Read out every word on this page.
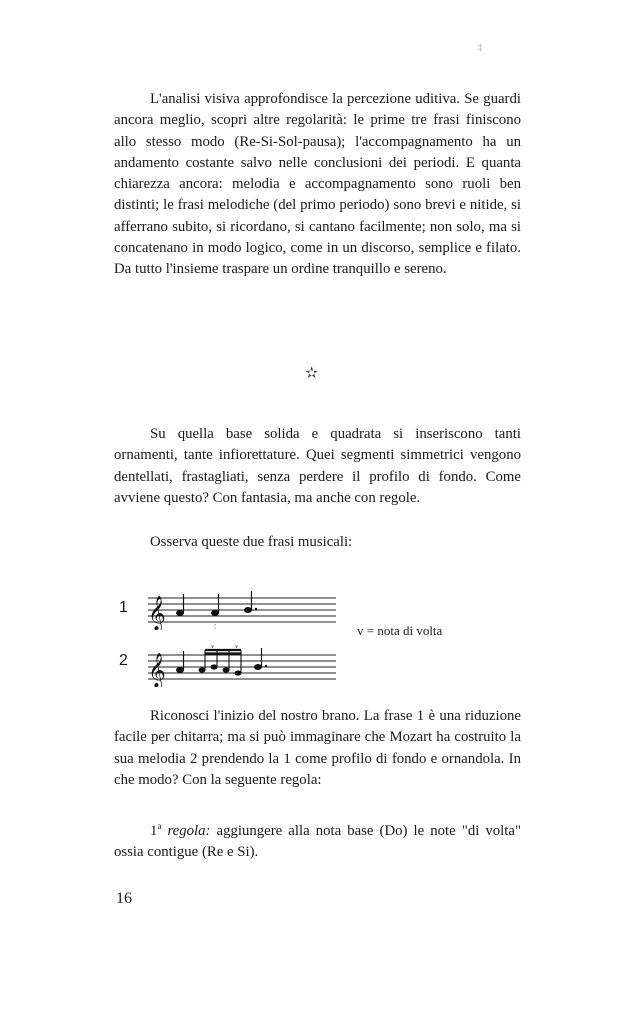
‡

L'analisi visiva approfondisce la percezione uditiva. Se guardi ancora meglio, scopri altre regolarità: le prime tre frasi finiscono allo stesso modo (Re-Si-Sol-pausa); l'accompagnamento ha un andamento costante salvo nelle conclusioni dei periodi. E quanta chiarezza ancora: melodia e accompagnamento sono ruoli ben distinti; le frasi melodiche (del primo periodo) sono brevi e nitide, si afferrano subito, si ricordano, si cantano facilmente; non solo, ma si concatenano in modo logico, come in un discorso, semplice e filato. Da tutto l'insieme traspare un ordine tranquillo e sereno.

✫

Su quella base solida e quadrata si inseriscono tanti ornamenti, tante infiorettature. Quei segmenti simmetrici vengono dentellati, frastagliati, senza perdere il profilo di fondo. Come avviene questo? Con fantasia, ma anche con regole.

Osserva queste due frasi musicali:

1 𝄞
2 𝄞
v	v
v = nota di volta

Riconosci l'inizio del nostro brano. La frase 1 è una riduzione facile per chitarra; ma si può immaginare che Mozart ha costruito la sua melodia 2 prendendo la 1 come profilo di fondo e ornandola. In che modo? Con la seguente regola:

1$^a$ regola: aggiungere alla nota base (Do) le note "di volta" ossia contigue (Re e Si).

16
